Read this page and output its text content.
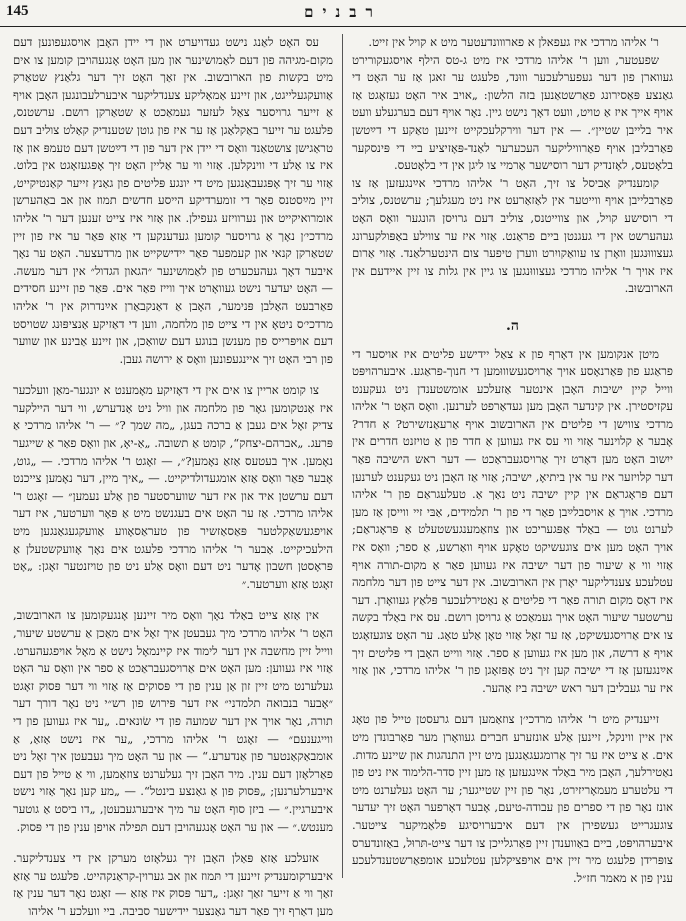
145	רבנים

ר' אליהו מרדכי איז געפאלן א פארווונדעטער מיט א קויל אין זייט.

שפעטער, ווען ר' אליהו מרדכי איז מיט ג-טס הילף אויסגעקורירט געווארן פון דער געפערלעכער וווּנד, פלעגט ער זאגן אַז ער האָט די גאַנצע פּאַסירונג פאַרשטאַנען בזה הלשון: „אויב איר האָט געזאָגט אַז אויף אייך איז אַ טויט, וועט דאָך נישט גיין. נאָר אויף דעם בערגעלע וועט איר בלייבן שטיין״. — אין דער ווירקלעכקייט זיינען טאַקע די דײַטשן פאַרבליבן אויף פאַרוויליקער העכערער לאַנד-פּאָזיציע ביי די פּינסקער בלאָטעס, לאָזנדיק דער רוסישער אַרמיי צו ליגן אין די בלאָטעס.

קומענדיק אַביסל צו זיך, האָט ר' אליהו מרדכי אײַנגעזען אַז צו פאַרבלייבן אויף ווייטער אין לאַזאַרעט איז ניט מעגלעך; ערשטנס, צוליב די רוסישע קויל, און צווייטנס, צוליב דעם גרויסן הונגער וואָס האָט געהערשט אין די געגנטן ביים פראַנט. אַזוי איז ער צווילע באַפּולקערונג געצוווּנגען וואָרן צו עוואַקויִרט ווערן טיפער צום הינטערלאַנד. אַזוי אַרום איז אויך ר' אליהו מרדכי געצוווּנגען צו גיין אין גלות צו זיין איידעם אין הארובשוּב.

ה.

מיטן אנקומען אין דאָרף פון א צאַל יידישע פליטים איז אויסער די פראַגע פון פּאַרנאָסע אויך אַרויסגעשוווּמען די חנוך-פראַגע. איבערהויפּט ווייל קיין ישיבות האָבן אינטער אַזעלכע אומשטענדן ניט געקענט עקזיסטירן. אין קינדער האָבן מען געדאַרפט לערנען. וואָס האָט ר' אליהו מרדכי צווישן די פליטים אין הארובשוב אויף אַרעאַנזשירט? אַ חדר? אָבער אַ קלוינער אַזוי ווי עס איז געווען אַ חדר פון אַ טויזנט חדרים אין ייִשוב האָט מען דאָרט זיך אַרויסגעבראַכט — דער ראש הישיבה פאַר דער קלויזער איז ער אין ביתיאָ, ישיבה; אַזוי אַז האָבן ניט געקענט לערנען דעם פּראָגראַם אין קיין ישיבה ניט נאַך אַ. טעלעגראַם פון ר' אליהו מרדכי. אויך אַ אויסבלײַבן פאַר די פון ר' תלמידים, אַבּי זיי ווייסן אַז מען לערנט גוט — באַלד אַפּגעריכט און צוזאַמענגעשטעלט אַ פּראָגראַם; אויך האָט מען אים צוגעשיקט טאָקע אויף וואַרשע, אַ ספר; וואָס איז אַזוי ווי אַ שיעור פון דער ישיבה איז געווען פאַר אַ מקום-תורה אויף עטלעכע צענדליקער יאָרן אין הארובשוב. אין דער צייט פון דער מלחמה איז דאָס מקום תורה פאַר די פליטים אַ נאַטירלעכער פּלאַץ געוואָרן. דער ערשטער שיעור האָט אויך געמאַכט אַ גרויסן רושם. עס איז באַלד בקשה צו אים אַרויסגעשיקט, אַז ער זאָל אַזוי טאָן אַלע טאָג. ער האָט צוגעזאָגט אויף אַ דרשה, און מען איז געווען אַ ספר. אַזוי ווייט האָבן די פּליטים זיך אײַנגעזען אַז די ישיבה קען זיך ניט אָפּזאָגן פון ר' אליהו מרדכי, און אַזוי איז ער געבליבן דער ראש ישיבה ביז אַהער.

זייענדיק מיט ר' אליהו מרדכי׳ן צוזאַמען דעם גרעסטן טייל פון טאָג אין איין ווינקל, זיינען אַלע אונזערע חברים געוואָרן מער פאַרבונדן מיט אים. אַ צייט איז ער זיך אַרומגעגאַנגען מיט זיין התנהגות און שיינע מדות. נאַטירלעך, האָבן מיר באַלד אײַנגעזען אַז מען זיין סדר-הלימוד איז ניט פון די עלטערע מעמאָריזירט, נאָר פון זיין שטייגער; ער האָט געלערנט מיט אונז נאָר פון די ספרים פון עבודה-טיעם, אָבער דאָרפער האָט זיך יעדער צוגעגרייט געשפירן אין דעם איבערויסיגע פּלאַמיקער צייטער. איבערהויפּט, ביים באַווענדן זיין פאַרגלייכן צו דער צייט-תּרוּל, באַזונדערס צופּרידן פלעגט מיר זיין אים אויפּציקלען עטלעכע אומפאַרשטענדלעכע ענין פון א מאמר חז״ל.

עס האָט לאַנג נישט געדויערט און די יידן האָבן אויסגעפונען דעם מקום-מגיהה פון דעם לאַמושינער און מען האָט אָנגעהויבן קומען צו אים מיט בקשות פון הארובשוב. אין זאַך האָט זיך דער גלאַנץ שטאַרק אַוועקגעלייגט, און זיינע אַמאָליקע צענדליקער איבערלעבונגען האָבן אויף אַ זייער גרויסער צאַל לעזער געמאַכט אַ שטאַרקן רושם. ערשטנס, פלעגט ער זייער באַקלאַגן אַז ער איז פון גוטן שטענדיק קאַלט צוליב דעם טראַגישן צושטאַנד וואָס די יידן אין דער פון די דײַטשן דעם טעמפּ און אַז איז צו אַלע די ווינקלען. אַזוי ווי ער אַליין האָט זיך אָפּגעזאָגט אין בלוט. אַזוי ער זיך אָפּגעבאַנגען מיט די יונגע פּליטים פון גאַנץ זייער קאַנטיקייט, זיין מײַסטנס פאַר די זומערדיקע הייסע חדשים תמוז און אב באַהערשן אומרואיקייט און נערוויזע געפילן. און אַזוי איז צייט זענען דער ר' אליהו מרדכי׳ן נאָך אַ גרויסער קומען געדענקען די אַזאַ פּאַר ער איז פון זיין שטאַרקן קנאי און קעמפער פאַר יידישקייט און מרדעצער. האָט ער נאָך איבער דאָך געהעכערט פון לאַמושינער ״הגאון הגדול״ אין דער מעשה.— האָט יעדער נישט געוואָרט איך ווייז פאַר אים. פּאַר פון זיינע חסידים פאַרבעט האַלבן פּנימער, האָבן אַ דאַנקבאַרן אײַנדרוק אין ר' אליהו מרדכי׳ס ניטאָ אין די צייט פון מלחמה, ווען די דאַזיקע אַנציפּוּנג שטויסט דעם אויפּרייס פון מענשן בנוגע דעם שוואַכן, און זיינע אַבינע און שווער פון רבי האָט זיך איינגעפונען וואָס אַ ירושה געבן.

צו קומט אריין צו אים אין די דאָזיקע מאָמענט א יונגער-מאַן וועלכער איז אַנטקומען גאָר פון מלחמה און וויל ניט אַנדערש, ווי דער היילקער צדיק זאָל אים געבן אַ ברכה בעגן, „מה שמך ?״ — ר' אליהו מרדכי אַ פּרעג. „אברהם-יצחק“, קומט אַ תשובה. „אַ-יאָ, און וואָס פאַר אַ שייגער נאָמען. איך בעטעס אַזאַ נאָמען?״, — זאָגט ר' אליהו מרדכי. — „גוט, אָבער פאַר וואָס אַזאַ אומגעדולדיקייט. — „איך מיין, דער נאָמען צייכנט דעם ערשטן איד און איז דער שווערסטער פון אַלע נעמען״ — זאָגט ר' אליהו מרדכי. אַז ער האָט אים בעגנשט מיט אַ פּאָר ווערטער, איז דער אויפגעשאַקלטער פּאַסאַזשיר פון טעראַסאָווע אַוועקגעגאַנגען מיט הילעכיקייט. אַבער ר' אליהו מרדכי פלעגט אים נאָך אָוועקשטעלן אַ פּראָסטן חשבון אָדער ניט דעם וואָס אַלע ניט פון טויזנטער זאָגן: „אָט זאָגט אַזאַ ווערטער.״

אין אַזאַ צייט באַלד נאָך וואָס מיר זיינען אָנגעקומען צו הארובשוב, האָט ר' אליהו מרדכי מיך געבעטן איך זאָל אים מאַכן אַ ערשטע שיעור, ווייל זיין מחשבה אין דער לימוד איז קיינמאָל נישט אַ מאָל אויפגעהערט. אַזוי איז געווען: מען האָט אים אַרויסגעבראַכט אַ ספר אין וואָס ער האָט געלערנט מיט זיין זון אַן ענין פון די פּסוקים אַז אַזוי ווי דער פּסוק זאָגט ״אָבער בנבואה תלמדני״ איז דער פּירוש פון רש״י ניט נאָר דורך דער תורה, נאָר אויך אין דער שמועה פון די שׂונאים. „ער איז געווען פון די ווייגענעם״ — זאָגט ר' אליהו מרדכי, „ער איז נישט אַזאַ, אַ אומבאַקאַנטער פון אַנדערע.“ — און ער האָט מיך געבעטן איך זאָל ניט פאַרלאָזן דעם ענין. מיר האָבן זיך געלערנט צוזאַמען, ווי אַ טייל פון דעם איבערלערנען; „פּסוק פון אַ גאַנצע בינטל“. — „מע קען נאָך אַזוי נישט איבערגיין.״ — ביזן סוף האָט ער מיך איבערגעבעטן, „דו ביסט אַ גוטער מענטש.״ — און ער האָט אָנגעהויבן דעם תּפילה אויפן ענין פון די פּסוק.

אזעלכע אַזאַ פּאַלן האָבן זיך געלאָזט מערקן אין די צענדליקער. איבערקומענדיק זיינען די תּמוז און אב גערוין-קראַנקהייט. פלעגט ער אַזאַ זאַך ווי אַ זייער זאַך זאָגן: „דער פּסוק איז אַזאַ — זאָגט נאָר דער ענין אַז מען דאַרף זיך פאַר דער גאַנצער יידישער סביבה. ביי וועלכע ר' אליהו
